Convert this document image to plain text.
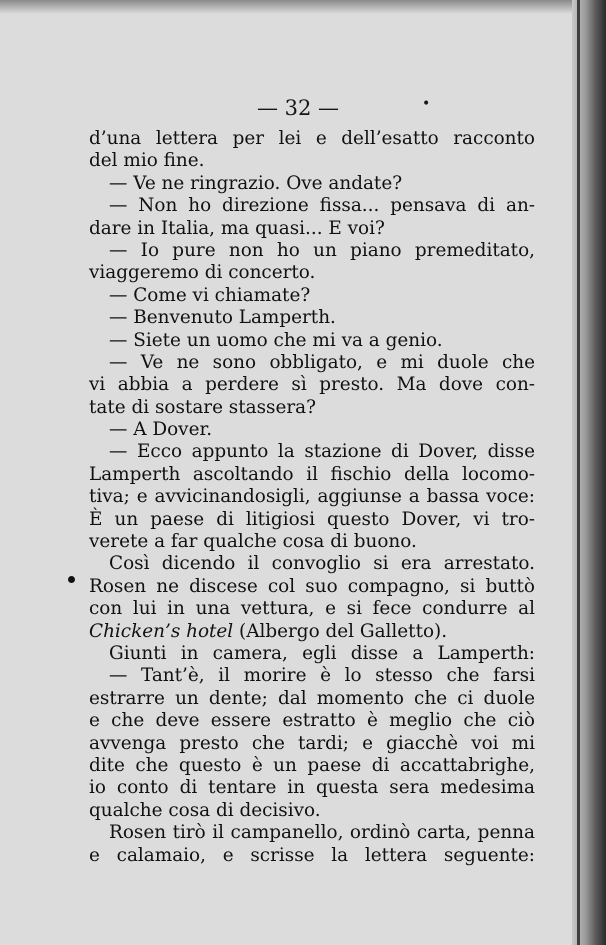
— 32 —	•
d’una lettera per lei e dell’esatto racconto
del mio fine.
— Ve ne ringrazio. Ove andate?
— Non ho direzione fissa... pensava di an-
dare in Italia, ma quasi... E voi?
— Io pure non ho un piano premeditato,
viaggeremo di concerto.
— Come vi chiamate?
— Benvenuto Lamperth.
— Siete un uomo che mi va a genio.
— Ve ne sono obbligato, e mi duole che
vi abbia a perdere sì presto. Ma dove con-
tate di sostare stassera?
— A Dover.
— Ecco appunto la stazione di Dover, disse
Lamperth ascoltando il fischio della locomo-
tiva; e avvicinandosigli, aggiunse a bassa voce:
È un paese di litigiosi questo Dover, vi tro-
verete a far qualche cosa di buono.
Così dicendo il convoglio si era arrestato.
Rosen ne discese col suo compagno, si buttò
con lui in una vettura, e si fece condurre al
Chicken’s hotel (Albergo del Galletto).
Giunti in camera, egli disse a Lamperth:
— Tant’è, il morire è lo stesso che farsi
estrarre un dente; dal momento che ci duole
e che deve essere estratto è meglio che ciò
avvenga presto che tardi; e giacchè voi mi
dite che questo è un paese di accattabrighe,
io conto di tentare in questa sera medesima
qualche cosa di decisivo.
Rosen tirò il campanello, ordinò carta, penna
e calamaio, e scrisse la lettera seguente:
